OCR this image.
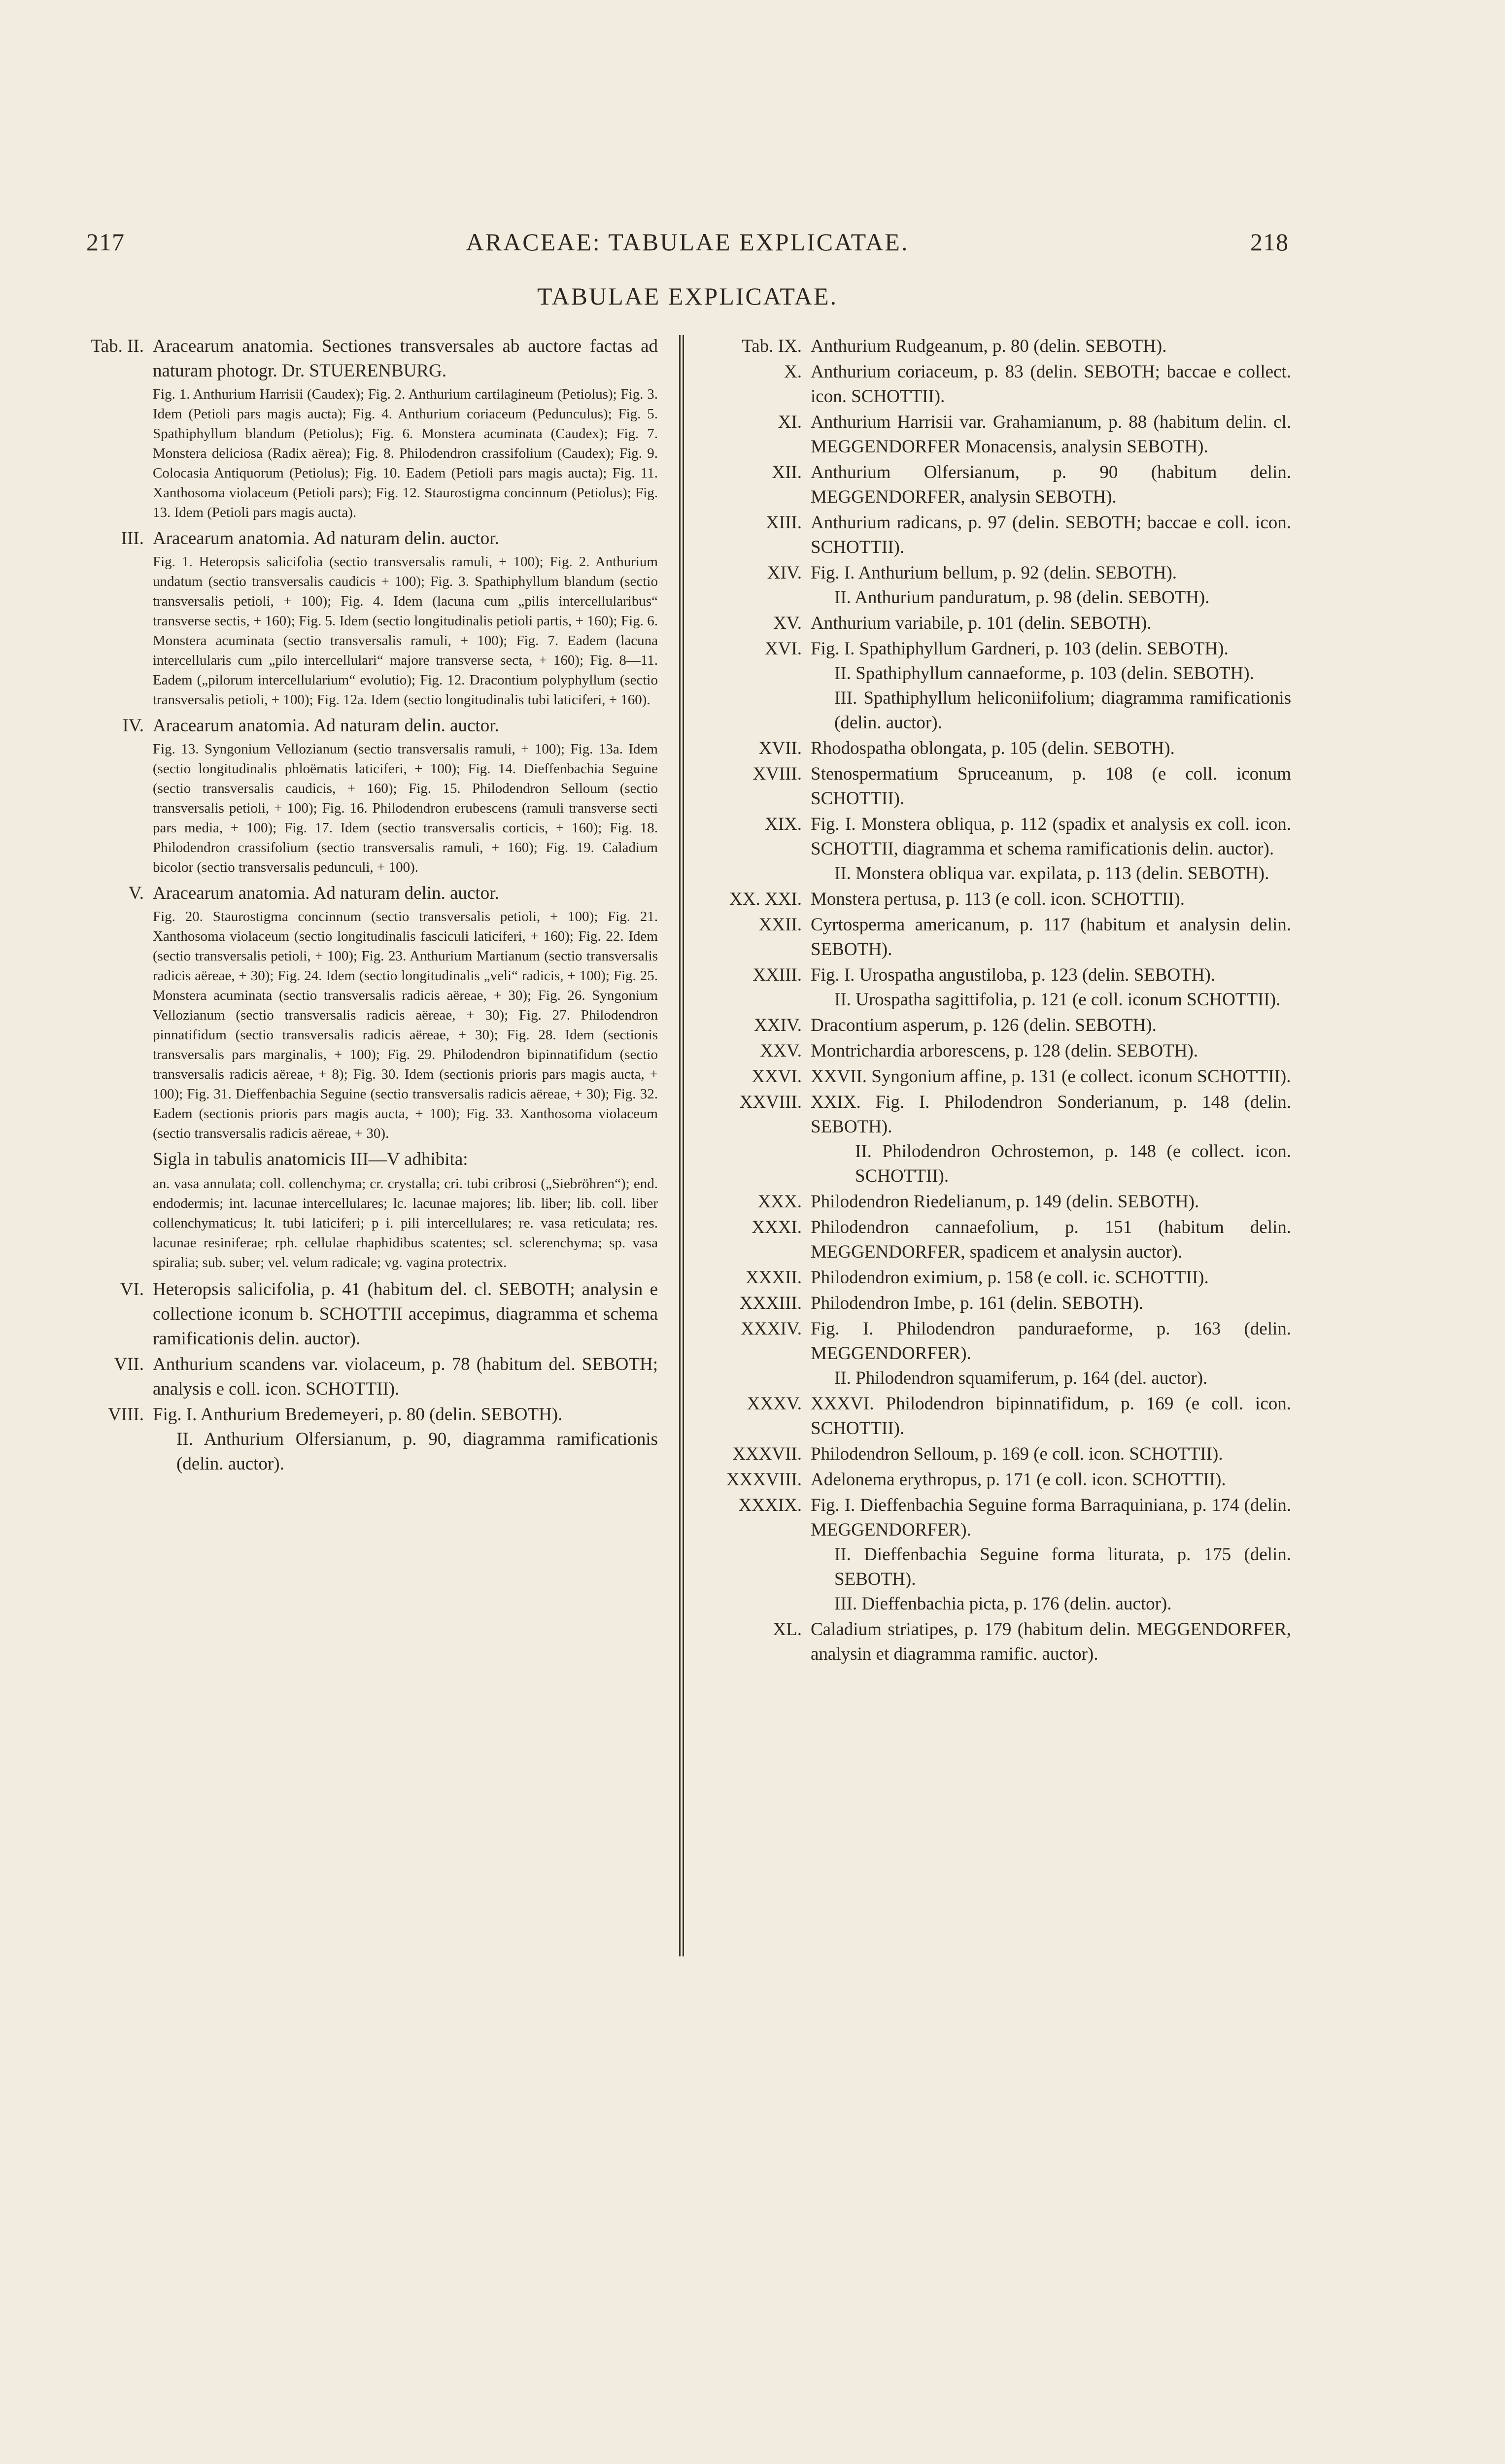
217	ARACEAE: TABULAE EXPLICATAE.	218
TABULAE EXPLICATAE.
Tab. II. Aracearum anatomia. Sectiones transversales ab auctore factas ad naturam photogr. Dr. STUERENBURG.
Fig. 1. Anthurium Harrisii (Caudex); Fig. 2. Anthurium cartilagineum (Petiolus); Fig. 3. Idem (Petioli pars magis aucta); Fig. 4. Anthurium coriaceum (Pedunculus); Fig. 5. Spathiphyllum blandum (Petiolus); Fig. 6. Monstera acuminata (Caudex); Fig. 7. Monstera deliciosa (Radix aërea); Fig. 8. Philodendron crassifolium (Caudex); Fig. 9. Colocasia Antiquorum (Petiolus); Fig. 10. Eadem (Petioli pars magis aucta); Fig. 11. Xanthosoma violaceum (Petioli pars); Fig. 12. Staurostigma concinnum (Petiolus); Fig. 13. Idem (Petioli pars magis aucta).
III. Aracearum anatomia. Ad naturam delin. auctor.
Fig. 1. Heteropsis salicifolia (sectio transversalis ramuli, + 100); Fig. 2. Anthurium undatum (sectio transversalis caudicis + 100); Fig. 3. Spathiphyllum blandum (sectio transversalis petioli, + 100); Fig. 4. Idem (lacuna cum „pilis intercellularibus“ transverse sectis, + 160); Fig. 5. Idem (sectio longitudinalis petioli partis, + 160); Fig. 6. Monstera acuminata (sectio transversalis ramuli, + 100); Fig. 7. Eadem (lacuna intercellularis cum „pilo intercellulari“ majore transverse secta, + 160); Fig. 8—11. Eadem („pilorum intercellularium“ evolutio); Fig. 12. Dracontium polyphyllum (sectio transversalis petioli, + 100); Fig. 12a. Idem (sectio longitudinalis tubi laticiferi, + 160).
IV. Aracearum anatomia. Ad naturam delin. auctor.
Fig. 13. Syngonium Vellozianum (sectio transversalis ramuli, + 100); Fig. 13a. Idem (sectio longitudinalis phloëmatis laticiferi, + 100); Fig. 14. Dieffenbachia Seguine (sectio transversalis caudicis, + 160); Fig. 15. Philodendron Selloum (sectio transversalis petioli, + 100); Fig. 16. Philodendron erubescens (ramuli transverse secti pars media, + 100); Fig. 17. Idem (sectio transversalis corticis, + 160); Fig. 18. Philodendron crassifolium (sectio transversalis ramuli, + 160); Fig. 19. Caladium bicolor (sectio transversalis pedunculi, + 100).
V. Aracearum anatomia. Ad naturam delin. auctor.
Fig. 20. Staurostigma concinnum (sectio transversalis petioli, + 100); Fig. 21. Xanthosoma violaceum (sectio longitudinalis fasciculi laticiferi, + 160); Fig. 22. Idem (sectio transversalis petioli, + 100); Fig. 23. Anthurium Martianum (sectio transversalis radicis aëreae, + 30); Fig. 24. Idem (sectio longitudinalis „veli“ radicis, + 100); Fig. 25. Monstera acuminata (sectio transversalis radicis aëreae, + 30); Fig. 26. Syngonium Vellozianum (sectio transversalis radicis aëreae, + 30); Fig. 27. Philodendron pinnatifidum (sectio transversalis radicis aëreae, + 30); Fig. 28. Idem (sectionis transversalis pars marginalis, + 100); Fig. 29. Philodendron bipinnatifidum (sectio transversalis radicis aëreae, + 8); Fig. 30. Idem (sectionis prioris pars magis aucta, + 100); Fig. 31. Dieffenbachia Seguine (sectio transversalis radicis aëreae, + 30); Fig. 32. Eadem (sectionis prioris pars magis aucta, + 100); Fig. 33. Xanthosoma violaceum (sectio transversalis radicis aëreae, + 30).
Sigla in tabulis anatomicis III—V adhibita:
an. vasa annulata; coll. collenchyma; cr. crystalla; cri. tubi cribrosi („Siebröhren“); end. endodermis; int. lacunae intercellulares; lc. lacunae majores; lib. liber; lib. coll. liber collenchymaticus; lt. tubi laticiferi; p i. pili intercellulares; re. vasa reticulata; res. lacunae resiniferae; rph. cellulae rhaphidibus scatentes; scl. sclerenchyma; sp. vasa spiralia; sub. suber; vel. velum radicale; vg. vagina protectrix.
VI. Heteropsis salicifolia, p. 41 (habitum del. cl. SEBOTH; analysin e collectione iconum b. SCHOTTII accepimus, diagramma et schema ramificationis delin. auctor).
VII. Anthurium scandens var. violaceum, p. 78 (habitum del. SEBOTH; analysis e coll. icon. SCHOTTII).
VIII. Fig. I. Anthurium Bredemeyeri, p. 80 (delin. SEBOTH).
II. Anthurium Olfersianum, p. 90, diagramma ramificationis (delin. auctor).
Tab. IX. Anthurium Rudgeanum, p. 80 (delin. SEBOTH).
X. Anthurium coriaceum, p. 83 (delin. SEBOTH; baccae e collect. icon. SCHOTTII).
XI. Anthurium Harrisii var. Grahamianum, p. 88 (habitum delin. cl. MEGGENDORFER Monacensis, analysin SEBOTH).
XII. Anthurium Olfersianum, p. 90 (habitum delin. MEGGENDORFER, analysin SEBOTH).
XIII. Anthurium radicans, p. 97 (delin. SEBOTH; baccae e coll. icon. SCHOTTII).
XIV. Fig. I. Anthurium bellum, p. 92 (delin. SEBOTH).
II. Anthurium panduratum, p. 98 (delin. SEBOTH).
XV. Anthurium variabile, p. 101 (delin. SEBOTH).
XVI. Fig. I. Spathiphyllum Gardneri, p. 103 (delin. SEBOTH).
II. Spathiphyllum cannaeforme, p. 103 (delin. SEBOTH).
III. Spathiphyllum heliconiifolium; diagramma ramificationis (delin. auctor).
XVII. Rhodospatha oblongata, p. 105 (delin. SEBOTH).
XVIII. Stenospermatium Spruceanum, p. 108 (e coll. iconum SCHOTTII).
XIX. Fig. I. Monstera obliqua, p. 112 (spadix et analysis ex coll. icon. SCHOTTII, diagramma et schema ramificationis delin. auctor).
II. Monstera obliqua var. expilata, p. 113 (delin. SEBOTH).
XX. XXI. Monstera pertusa, p. 113 (e coll. icon. SCHOTTII).
XXII. Cyrtosperma americanum, p. 117 (habitum et analysin delin. SEBOTH).
XXIII. Fig. I. Urospatha angustiloba, p. 123 (delin. SEBOTH).
II. Urospatha sagittifolia, p. 121 (e coll. iconum SCHOTTII).
XXIV. Dracontium asperum, p. 126 (delin. SEBOTH).
XXV. Montrichardia arborescens, p. 128 (delin. SEBOTH).
XXVI. XXVII. Syngonium affine, p. 131 (e collect. iconum SCHOTTII).
XXVIII. XXIX. Fig. I. Philodendron Sonderianum, p. 148 (delin. SEBOTH).
II. Philodendron Ochrostemon, p. 148 (e collect. icon. SCHOTTII).
XXX. Philodendron Riedelianum, p. 149 (delin. SEBOTH).
XXXI. Philodendron cannaefolium, p. 151 (habitum delin. MEGGENDORFER, spadicem et analysin auctor).
XXXII. Philodendron eximium, p. 158 (e coll. ic. SCHOTTII).
XXXIII. Philodendron Imbe, p. 161 (delin. SEBOTH).
XXXIV. Fig. I. Philodendron panduraeforme, p. 163 (delin. MEGGENDORFER).
II. Philodendron squamiferum, p. 164 (del. auctor).
XXXV. XXXVI. Philodendron bipinnatifidum, p. 169 (e coll. icon. SCHOTTII).
XXXVII. Philodendron Selloum, p. 169 (e coll. icon. SCHOTTII).
XXXVIII. Adelonema erythropus, p. 171 (e coll. icon. SCHOTTII).
XXXIX. Fig. I. Dieffenbachia Seguine forma Barraquiniana, p. 174 (delin. MEGGENDORFER).
II. Dieffenbachia Seguine forma liturata, p. 175 (delin. SEBOTH).
III. Dieffenbachia picta, p. 176 (delin. auctor).
XL. Caladium striatipes, p. 179 (habitum delin. MEGGENDORFER, analysin et diagramma ramific. auctor).
